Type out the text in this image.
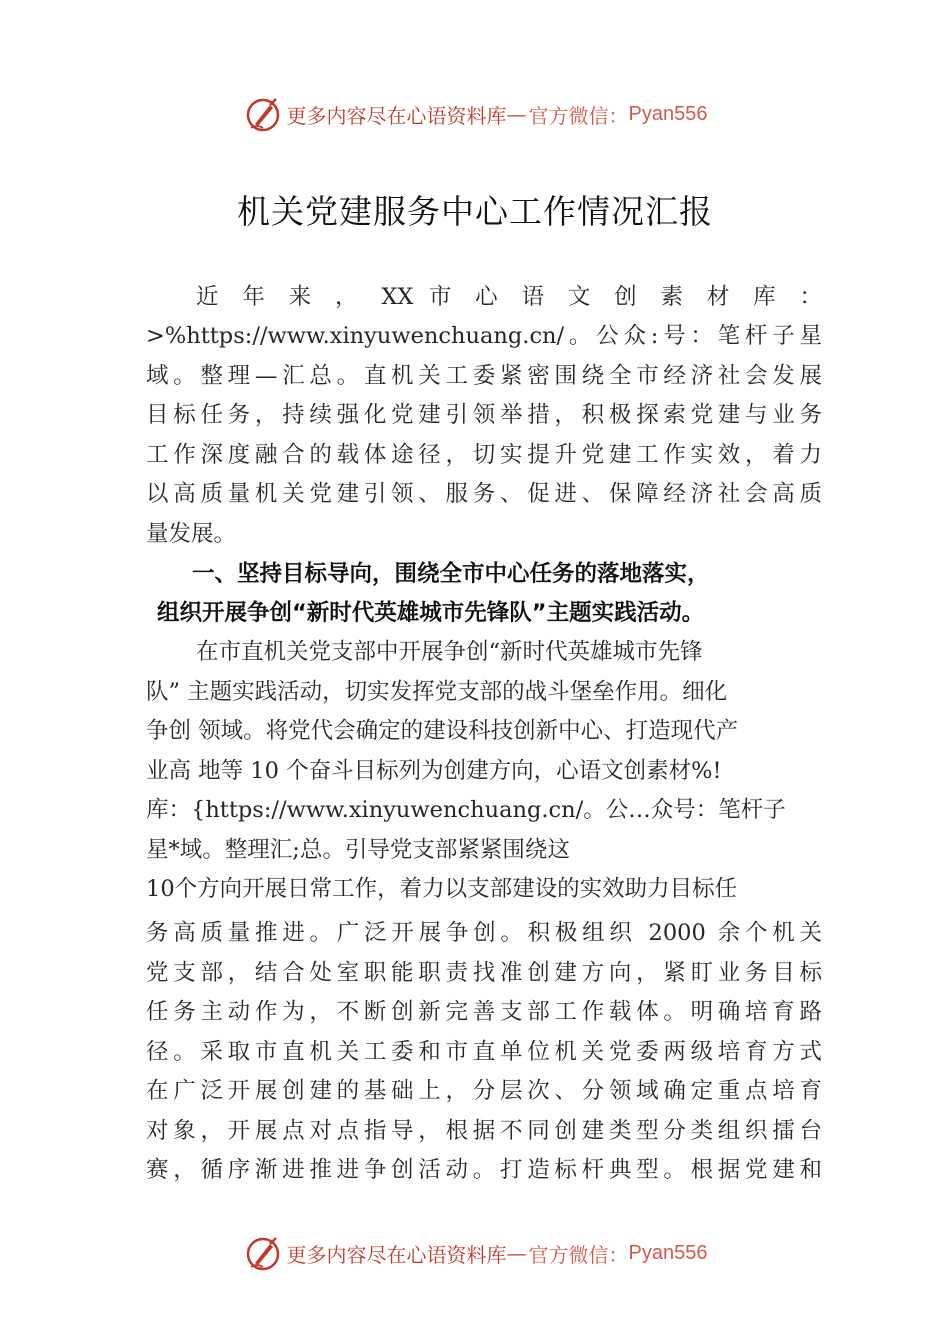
更多内容尽在心语资料库 — 官方微信： Pyan556
机关党建服务中心工作情况汇报
近 年 来 ， XX 市 心 语 文 创 素 材 库 ：
>%https://www.xinyuwenchuang.cn/。公众:号：笔杆子星
域。整理—汇总。直机关工委紧密围绕全市经济社会发展
目标任务，持续强化党建引领举措，积极探索党建与业务
工作深度融合的载体途径，切实提升党建工作实效，着力
以高质量机关党建引领、服务、促进、保障经济社会高质
量发展。
一、坚持目标导向，围绕全市中心任务的落地落实，
组织开展争创“新时代英雄城市先锋队”主题实践活动。
在市直机关党支部中开展争创“新时代英雄城市先锋
队” 主题实践活动，切实发挥党支部的战斗堡垒作用。细化
争创 领域。将党代会确定的建设科技创新中心、打造现代产
业高 地等 10 个奋斗目标列为创建方向，心语文创素材%!
库：{https://www.xinyuwenchuang.cn/。公…众号：笔杆子
星*域。整理汇;总。引导党支部紧紧围绕这
10个方向开展日常工作，着力以支部建设的实效助力目标任
务高质量推进。广泛开展争创。积极组织 2000 余个机关
党支部，结合处室职能职责找准创建方向，紧盯业务目标
任务主动作为，不断创新完善支部工作载体。明确培育路
径。采取市直机关工委和市直单位机关党委两级培育方式
在广泛开展创建的基础上，分层次、分领域确定重点培育
对象，开展点对点指导，根据不同创建类型分类组织擂台
赛，循序渐进推进争创活动。打造标杆典型。根据党建和
更多内容尽在心语资料库 — 官方微信： Pyan556
